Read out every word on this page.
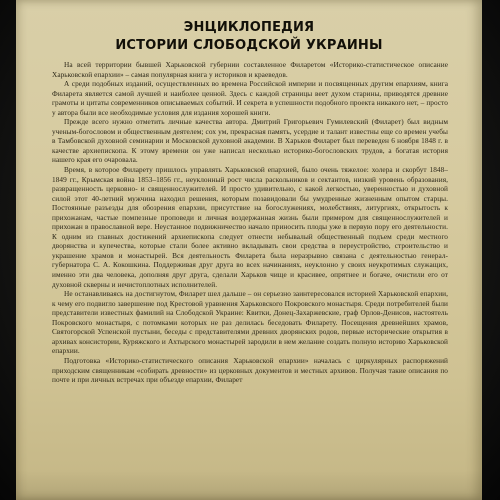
ЭНЦИКЛОПЕДИЯ
ИСТОРИИ СЛОБОДСКОЙ УКРАИНЫ

На всей территории бывшей Харьковской губернии составленное Филаретом «Историко-статистическое описание Харьковской епархии» – самая популярная книга у историков и краеведов.

А среди подобных изданий, осуществленных во времена Российской империи и посвященных другим епархиям, книга Филарета является самой лучшей и наиболее ценной. Здесь с каждой страницы веет духом старины, приводятся древние грамоты и цитаты современников описываемых событий. И секрета в успешности подобного проекта никакого нет, – просто у автора были все необходимые условия для издания хорошей книги.

Прежде всего нужно отметить личные качества автора. Дмитрий Григорьевич Гумилевский (Филарет) был видным ученым-богословом и общественным деятелем; сох ум, прекрасная память, усердие и талант известны еще со времен учебы в Тамбовской духовной семинарии и Московской духовной академии. В Харьков Филарет был переведен 6 ноября 1848 г. в качестве архиепископа. К этому времени он уже написал несколько историко-богословских трудов, а богатая история нашего края его очаровала.

Время, в которое Филарету пришлось управлять Харьковской епархией, было очень тяжелое: холера и скорбут 1848–1849 гг., Крымская война 1853–1856 гг., неуклонный рост числа раскольников и сектантов, низкий уровень образования, развращенность церковно- и священнослужителей. И просто удивительно, с какой легкостью, уверенностью и духовной силой этот 40-летний мужчина находил решения, которым позавидовали бы умудренные жизненным опытом старцы. Постоянные разъезды для обозрения епархии, присутствие на богослужениях, молебствиях, литургиях, открытость к прихожанам, частые помпезные проповеди и личная воздержанная жизнь были примером для священнослужителей и прихожан в православной вере. Неустанное подвижничество начало приносить плоды уже в первую пору его деятельности. К одним из главных достижений архиепископа следует отнести небывалый общественный подъем среди местного дворянства и купечества, которые стали более активно вкладывать свои средства в переустройство, строительство и украшение храмов и монастырей. Вся деятельность Филарета была неразрывно связана с деятельностью генерал-губернатора С. А. Кокошкина. Поддерживая друг друга во всех начинаниях, неуклонно у своих неукротимых служащих, именно эти два человека, дополняя друг друга, сделали Харьков чище и красивее, опрятнее и богаче, очистили его от духовной скверны и нечистоплотных исполнителей.

Не останавливаясь на достигнутом, Филарет шел дальше – он серьезно заинтересовался историей Харьковской епархии, к чему его подвигло завершение под Крестовой уравнения Харьковского Покровского монастыря. Среди потребителей были представители известных фамилий на Слободской Украине: Квитки, Донец-Захаржевские, граф Орлов-Денисов, настоятель Покровского монастыря, с потомками которых не раз делилась беседовать Филарету. Посещения древнейших храмов, Святогорской Успенской пустыни, беседы с представителями древних дворянских родов, первые исторические открытия в архивах консистории, Куряжского и Ахтырского монастырей зародили в нем желание создать полную историю Харьковской епархии.

Подготовка «Историко-статистического описания Харьковской епархии» началась с циркулярных распоряжений приходским священникам «собирать древности» из церковных документов и местных архивов. Получая такие описания по почте и при личных встречах при объезде епархии, Филарет
